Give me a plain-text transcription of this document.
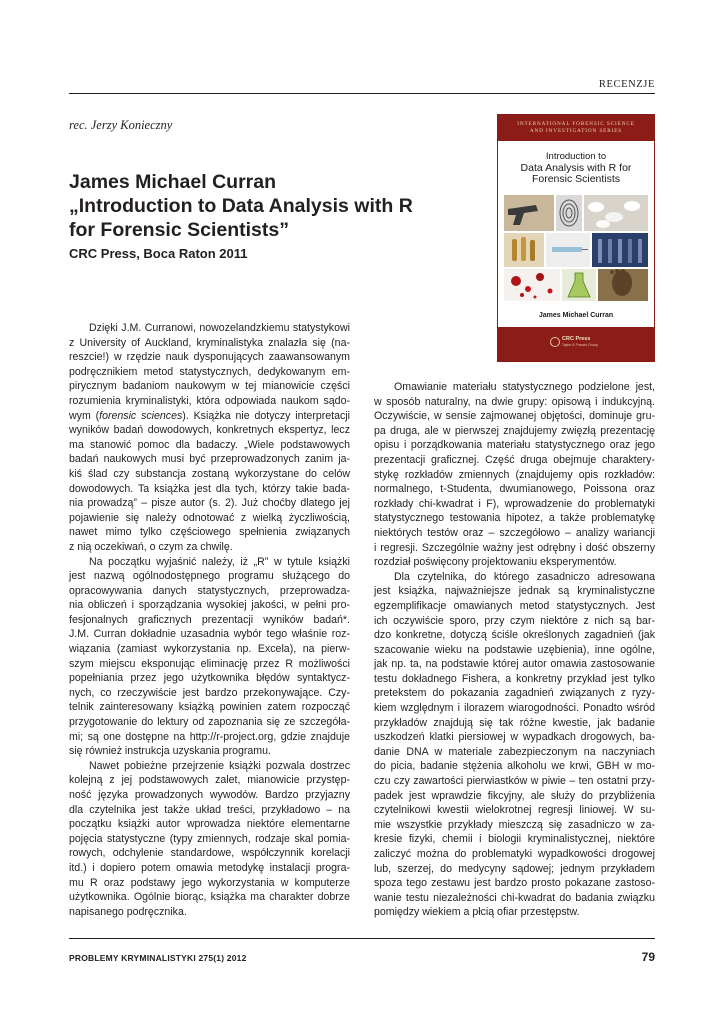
RECENZJE
rec. Jerzy Konieczny
James Michael Curran
„Introduction to Data Analysis with R
for Forensic Scientists”
CRC Press, Boca Raton 2011
INTERNATIONAL FORENSIC SCIENCE
AND INVESTIGATION SERIES
Introduction to
Data Analysis with R for
Forensic Scientists
James Michael Curran
CRC Press
Taylor & Francis Group
Dzięki J.M. Curranowi, nowozelandzkiemu statystykowi
z University of Auckland, kryminalistyka znalazła się (na-
reszcie!) w rzędzie nauk dysponujących zaawansowanym
podręcznikiem metod statystycznych, dedykowanym em-
pirycznym badaniom naukowym w tej mianowicie części
rozumienia kryminalistyki, która odpowiada naukom sądo-
wym (forensic sciences). Książka nie dotyczy interpretacji
wyników badań dowodowych, konkretnych ekspertyz, lecz
ma stanowić pomoc dla badaczy. „Wiele podstawowych
badań naukowych musi być przeprowadzonych zanim ja-
kiś ślad czy substancja zostaną wykorzystane do celów
dowodowych. Ta książka jest dla tych, którzy takie bada-
nia prowadzą” – pisze autor (s. 2). Już choćby dlatego jej
pojawienie się należy odnotować z wielką życzliwością,
nawet mimo tylko częściowego spełnienia związanych
z nią oczekiwań, o czym za chwilę.
Na początku wyjaśnić należy, iż „R” w tytule książki
jest nazwą ogólnodostępnego programu służącego do
opracowywania danych statystycznych, przeprowadza-
nia obliczeń i sporządzania wysokiej jakości, w pełni pro-
fesjonalnych graficznych prezentacji wyników badań*.
J.M. Curran dokładnie uzasadnia wybór tego właśnie roz-
wiązania (zamiast wykorzystania np. Excela), na pierw-
szym miejscu eksponując eliminację przez R możliwości
popełniania przez jego użytkownika błędów syntaktycz-
nych, co rzeczywiście jest bardzo przekonywające. Czy-
telnik zainteresowany książką powinien zatem rozpocząć
przygotowanie do lektury od zapoznania się ze szczegóła-
mi; są one dostępne na http://r-project.org, gdzie znajduje
się również instrukcja uzyskania programu.
Nawet pobieżne przejrzenie książki pozwala dostrzec
kolejną z jej podstawowych zalet, mianowicie przystęp-
ność języka prowadzonych wywodów. Bardzo przyjazny
dla czytelnika jest także układ treści, przykładowo – na
początku książki autor wprowadza niektóre elementarne
pojęcia statystyczne (typy zmiennych, rodzaje skal pomia-
rowych, odchylenie standardowe, współczynnik korelacji
itd.) i dopiero potem omawia metodykę instalacji progra-
mu R oraz podstawy jego wykorzystania w komputerze
użytkownika. Ogólnie biorąc, książka ma charakter dobrze
napisanego podręcznika.
Omawianie materiału statystycznego podzielone jest,
w sposób naturalny, na dwie grupy: opisową i indukcyjną.
Oczywiście, w sensie zajmowanej objętości, dominuje gru-
pa druga, ale w pierwszej znajdujemy zwięzłą prezentację
opisu i porządkowania materiału statystycznego oraz jego
prezentacji graficznej. Część druga obejmuje charaktery-
stykę rozkładów zmiennych (znajdujemy opis rozkładów:
normalnego, t-Studenta, dwumianowego, Poissona oraz
rozkłady chi-kwadrat i F), wprowadzenie do problematyki
statystycznego testowania hipotez, a także problematykę
niektórych testów oraz – szczegółowo – analizy wariancji
i regresji. Szczególnie ważny jest odrębny i dość obszerny
rozdział poświęcony projektowaniu eksperymentów.
Dla czytelnika, do którego zasadniczo adresowana
jest książka, najważniejsze jednak są kryminalistyczne
egzemplifikacje omawianych metod statystycznych. Jest
ich oczywiście sporo, przy czym niektóre z nich są bar-
dzo konkretne, dotyczą ściśle określonych zagadnień (jak
szacowanie wieku na podstawie uzębienia), inne ogólne,
jak np. ta, na podstawie której autor omawia zastosowanie
testu dokładnego Fishera, a konkretny przykład jest tylko
pretekstem do pokazania zagadnień związanych z ryzy-
kiem względnym i ilorazem wiarogodności. Ponadto wśród
przykładów znajdują się tak różne kwestie, jak badanie
uszkodzeń klatki piersiowej w wypadkach drogowych, ba-
danie DNA w materiale zabezpieczonym na naczyniach
do picia, badanie stężenia alkoholu we krwi, GBH w mo-
czu czy zawartości pierwiastków w piwie – ten ostatni przy-
padek jest wprawdzie fikcyjny, ale służy do przybliżenia
czytelnikowi kwestii wielokrotnej regresji liniowej. W su-
mie wszystkie przykłady mieszczą się zasadniczo w za-
kresie fizyki, chemii i biologii kryminalistycznej, niektóre
zaliczyć można do problematyki wypadkowości drogowej
lub, szerzej, do medycyny sądowej; jednym przykładem
spoza tego zestawu jest bardzo prosto pokazane zastoso-
wanie testu niezależności chi-kwadrat do badania związku
pomiędzy wiekiem a płcią ofiar przestępstw.
PROBLEMY KRYMINALISTYKI 275(1) 2012	79
